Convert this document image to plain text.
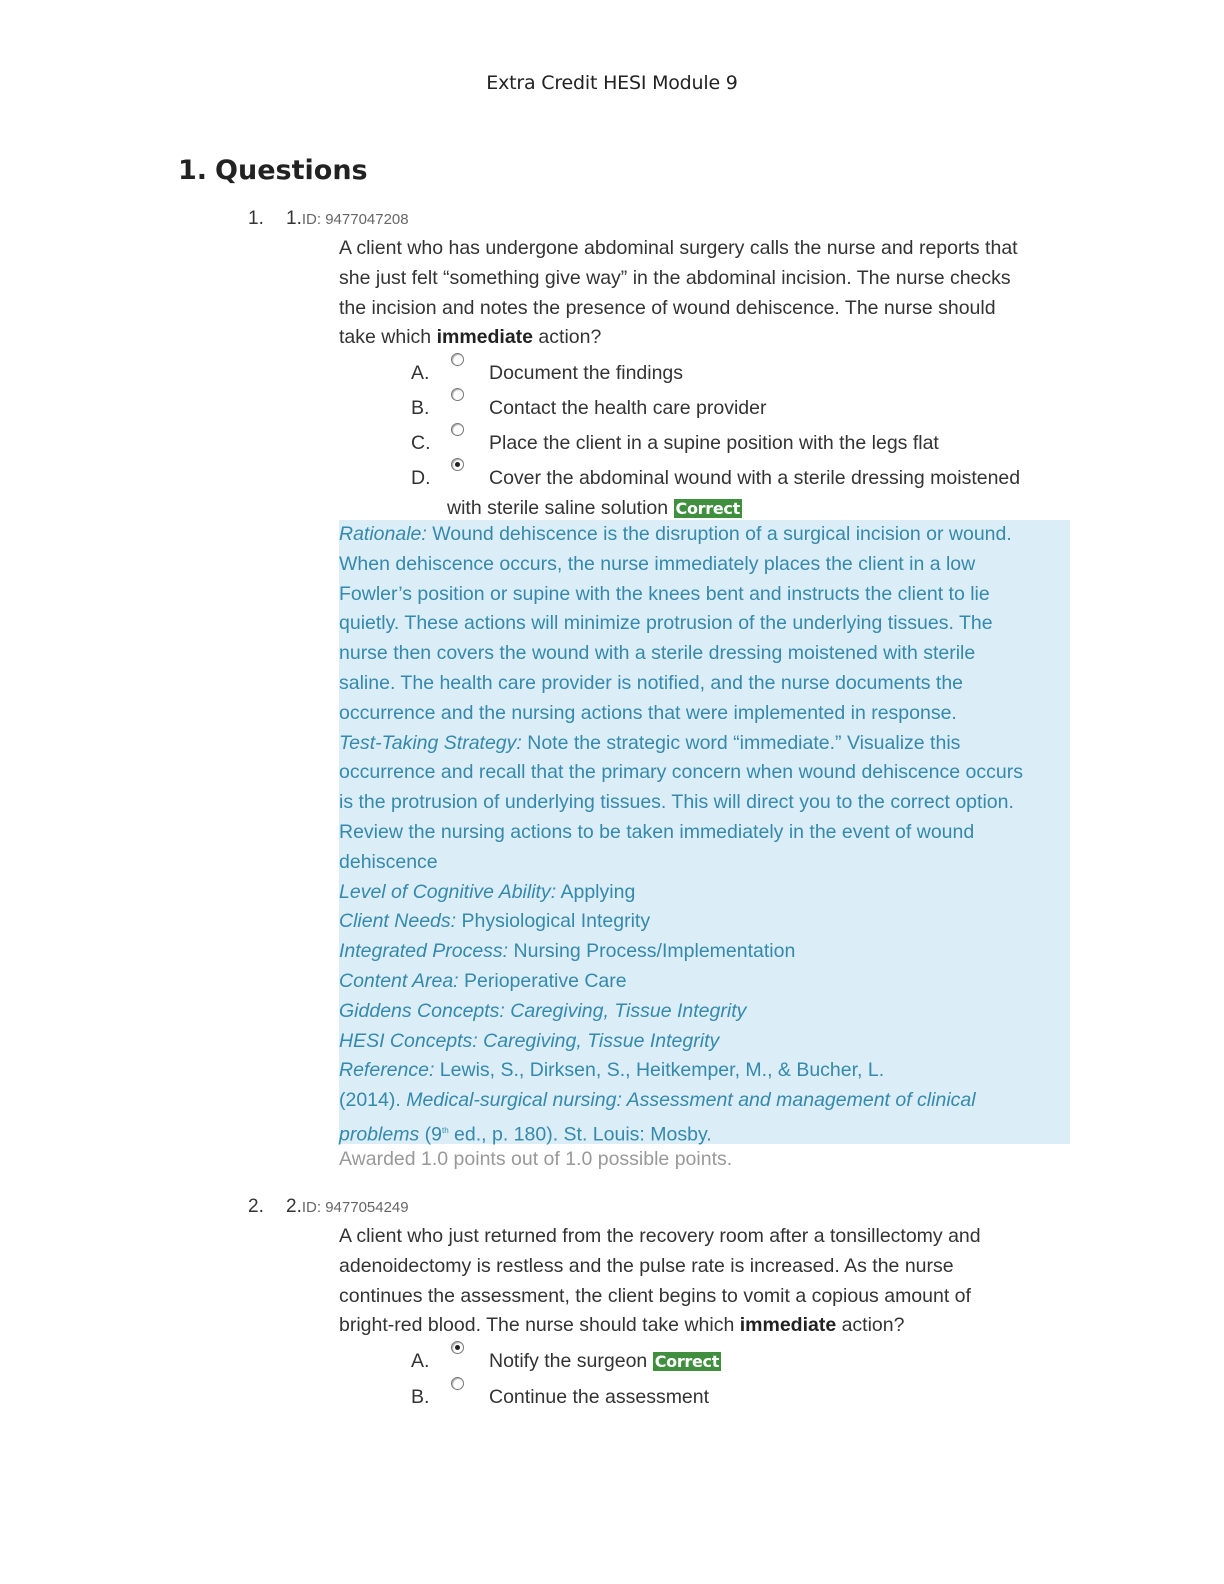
Extra Credit HESI Module 9
1. Questions
1. 1.ID: 9477047208
A client who has undergone abdominal surgery calls the nurse and reports that
she just felt “something give way” in the abdominal incision. The nurse checks
the incision and notes the presence of wound dehiscence. The nurse should
take which immediate action?
A.	Document the findings
B.	Contact the health care provider
C.	Place the client in a supine position with the legs flat
D.	Cover the abdominal wound with a sterile dressing moistened
with sterile saline solution Correct
Rationale: Wound dehiscence is the disruption of a surgical incision or wound.
When dehiscence occurs, the nurse immediately places the client in a low
Fowler’s position or supine with the knees bent and instructs the client to lie
quietly. These actions will minimize protrusion of the underlying tissues. The
nurse then covers the wound with a sterile dressing moistened with sterile
saline. The health care provider is notified, and the nurse documents the
occurrence and the nursing actions that were implemented in response.
Test-Taking Strategy: Note the strategic word “immediate.” Visualize this
occurrence and recall that the primary concern when wound dehiscence occurs
is the protrusion of underlying tissues. This will direct you to the correct option.
Review the nursing actions to be taken immediately in the event of wound
dehiscence
Level of Cognitive Ability: Applying
Client Needs: Physiological Integrity
Integrated Process: Nursing Process/Implementation
Content Area: Perioperative Care
Giddens Concepts: Caregiving, Tissue Integrity
HESI Concepts: Caregiving, Tissue Integrity
Reference: Lewis, S., Dirksen, S., Heitkemper, M., & Bucher, L.
(2014). Medical-surgical nursing: Assessment and management of clinical
problems (9th ed., p. 180). St. Louis: Mosby.
Awarded 1.0 points out of 1.0 possible points.
2. 2.ID: 9477054249
A client who just returned from the recovery room after a tonsillectomy and
adenoidectomy is restless and the pulse rate is increased. As the nurse
continues the assessment, the client begins to vomit a copious amount of
bright-red blood. The nurse should take which immediate action?
A.	Notify the surgeon Correct
B.	Continue the assessment
